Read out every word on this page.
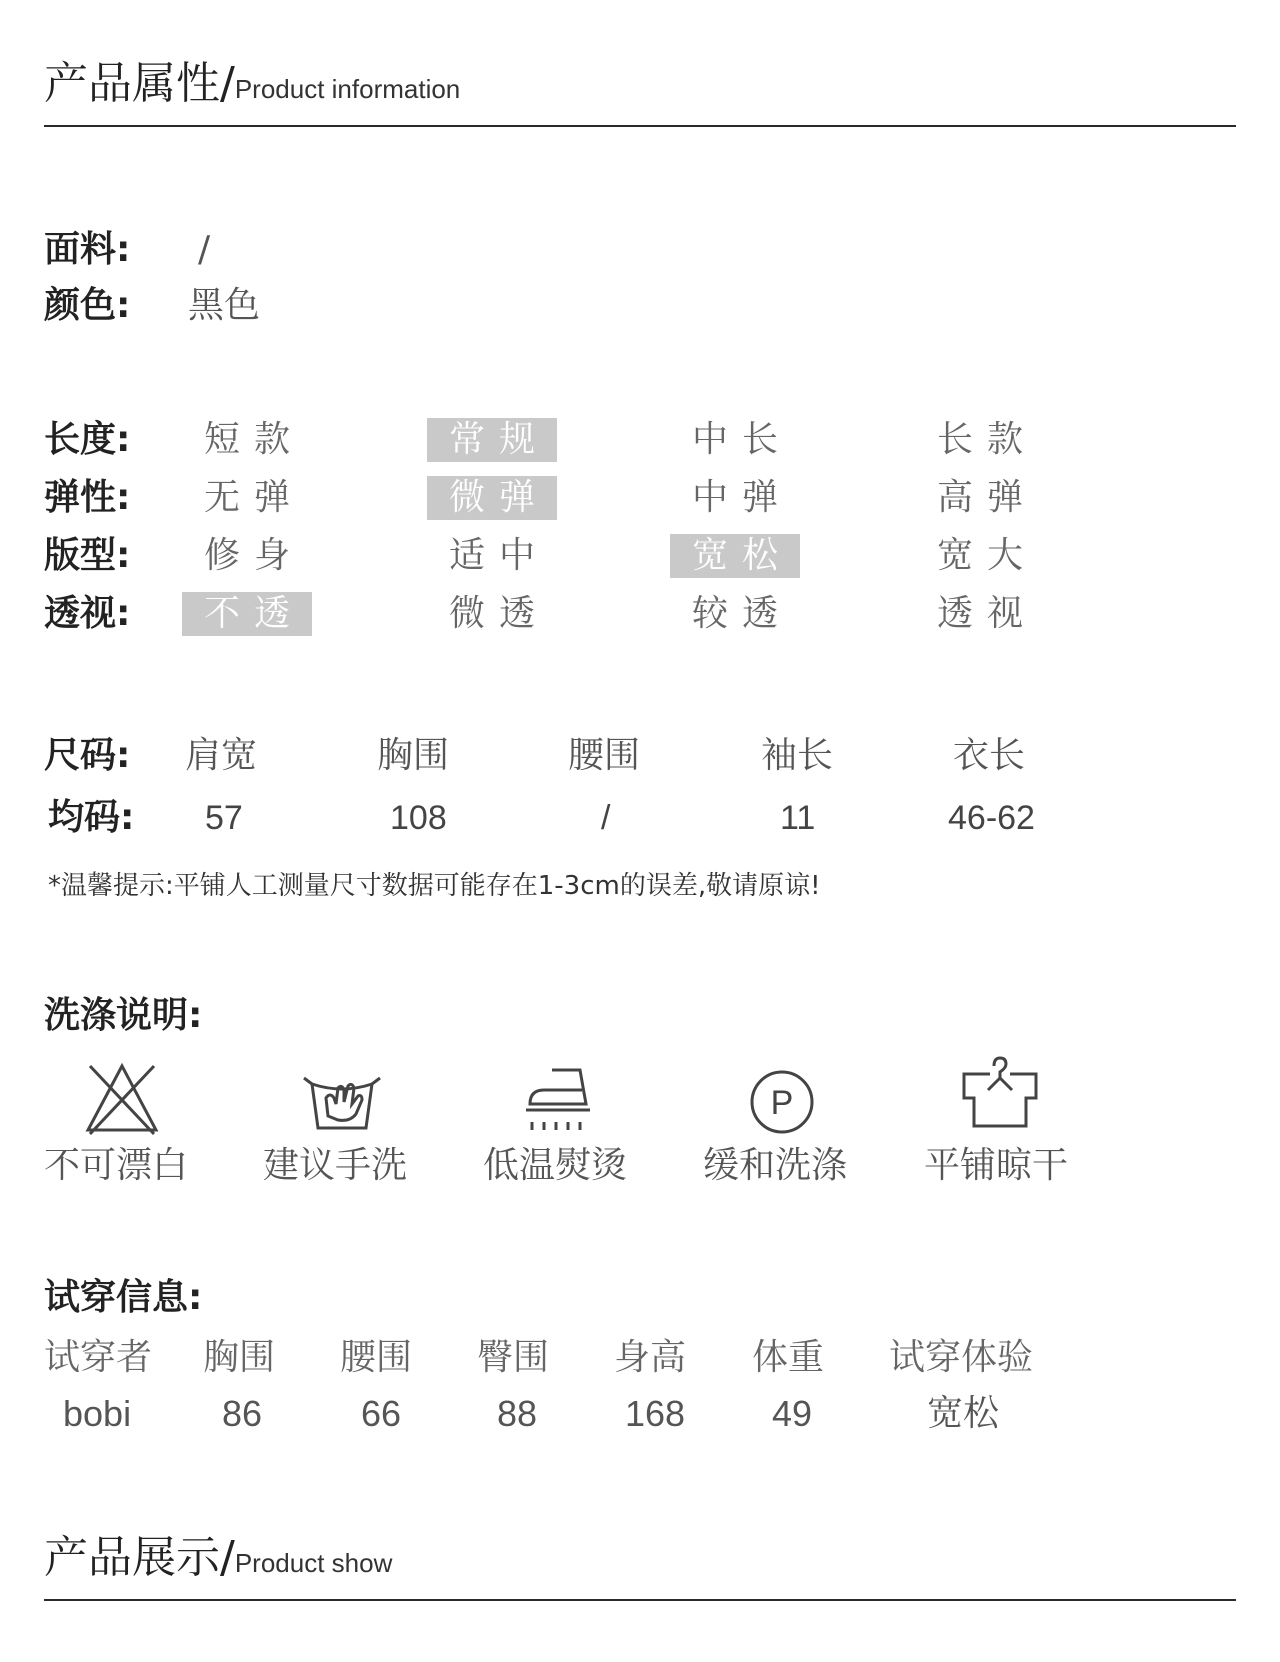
产品属性/Product information
面料: /
颜色: 黑色
长度:	短款	常规	中长	长款
弹性:	无弹	微弹	中弹	高弹
版型:	修身	适中	宽松	宽大
透视:	不透	微透	较透	透视
尺码: 肩宽	胸围	腰围	袖长	衣长
均码: 57	108	/	11	46-62
*温馨提示:平铺人工测量尺寸数据可能存在1-3cm的误差,敬请原谅!
洗涤说明:
P
不可漂白 建议手洗 低温熨烫 缓和洗涤 平铺晾干
试穿信息:
试穿者 胸围 腰围 臀围 身高 体重 试穿体验
bobi	86	66	88 168 49	宽松
产品展示/Product show
